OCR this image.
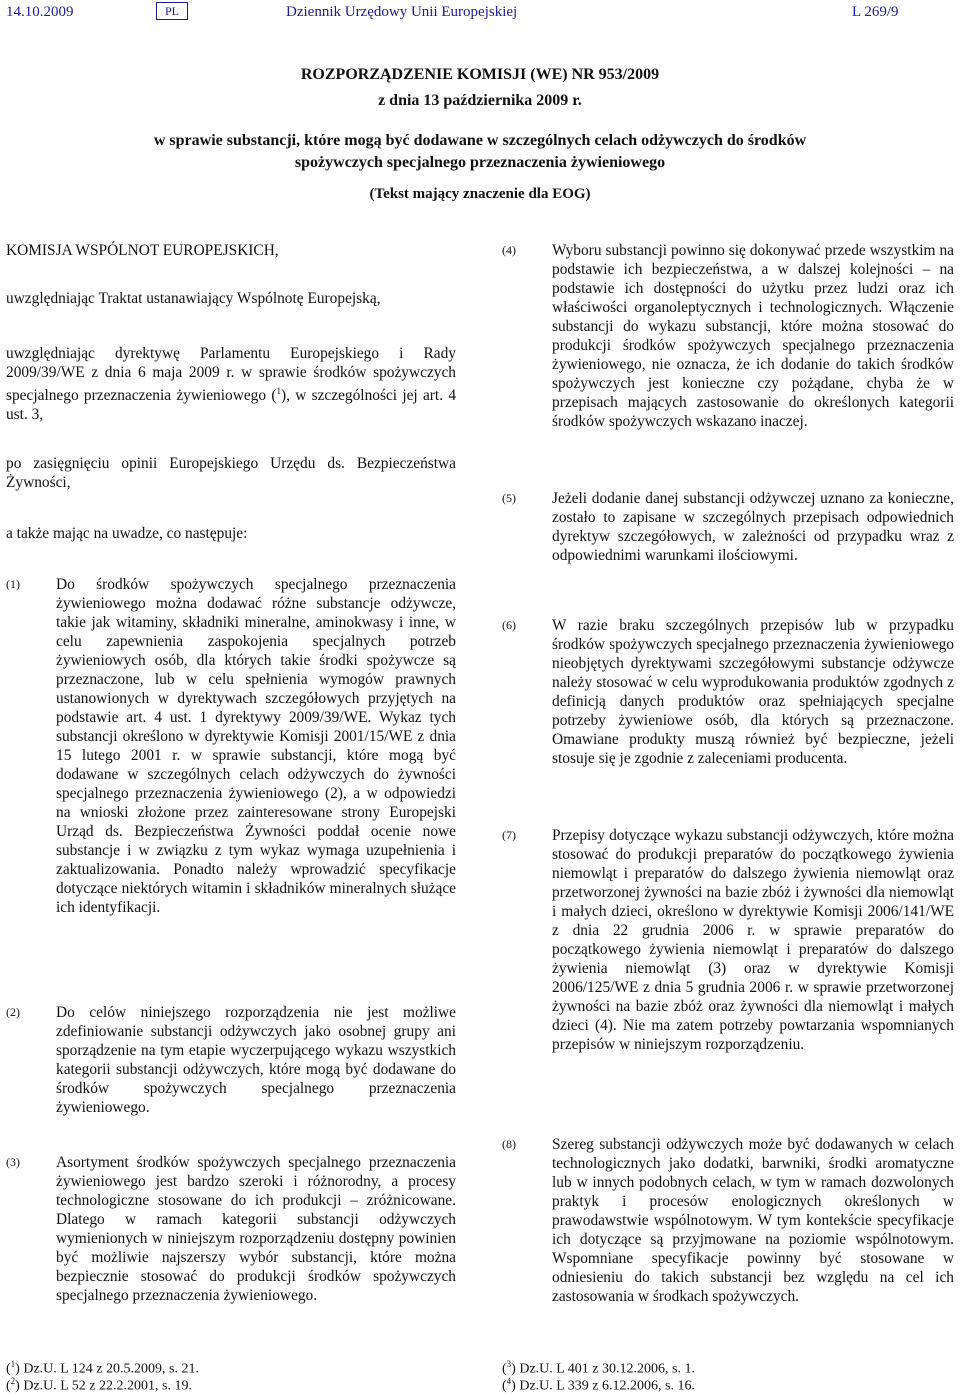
14.10.2009	PL	Dziennik Urzędowy Unii Europejskiej	L 269/9
ROZPORZĄDZENIE KOMISJI (WE) NR 953/2009
z dnia 13 października 2009 r.
w sprawie substancji, które mogą być dodawane w szczególnych celach odżywczych do środków
spożywczych specjalnego przeznaczenia żywieniowego
(Tekst mający znaczenie dla EOG)

KOMISJA WSPÓLNOT EUROPEJSKICH,

uwzględniając Traktat ustanawiający Wspólnotę Europejską,

uwzględniając dyrektywę Parlamentu Europejskiego i Rady 2009/39/WE z dnia 6 maja 2009 r. w sprawie środków spożywczych specjalnego przeznaczenia żywieniowego ($^1$), w szczególności jej art. 4 ust. 3,

po zasięgnięciu opinii Europejskiego Urzędu ds. Bezpieczeństwa Żywności,

a także mając na uwadze, co następuje:

(1) Do środków spożywczych specjalnego przeznaczenia żywieniowego można dodawać różne substancje odżywcze, takie jak witaminy, składniki mineralne, aminokwasy i inne, w celu zapewnienia zaspokojenia specjalnych potrzeb żywieniowych osób, dla których takie środki spożywcze są przeznaczone, lub w celu spełnienia wymogów prawnych ustanowionych w dyrektywach szczegółowych przyjętych na podstawie art. 4 ust. 1 dyrektywy 2009/39/WE. Wykaz tych substancji określono w dyrektywie Komisji 2001/15/WE z dnia 15 lutego 2001 r. w sprawie substancji, które mogą być dodawane w szczególnych celach odżywczych do żywności specjalnego przeznaczenia żywieniowego (2), a w odpowiedzi na wnioski złożone przez zainteresowane strony Europejski Urząd ds. Bezpieczeństwa Żywności poddał ocenie nowe substancje i w związku z tym wykaz wymaga uzupełnienia i zaktualizowania. Ponadto należy wprowadzić specyfikacje dotyczące niektórych witamin i składników mineralnych służące ich identyfikacji.
(2) Do celów niniejszego rozporządzenia nie jest możliwe zdefiniowanie substancji odżywczych jako osobnej grupy ani sporządzenie na tym etapie wyczerpującego wykazu wszystkich kategorii substancji odżywczych, które mogą być dodawane do środków spożywczych specjalnego przeznaczenia żywieniowego.
(3) Asortyment środków spożywczych specjalnego przeznaczenia żywieniowego jest bardzo szeroki i różnorodny, a procesy technologiczne stosowane do ich produkcji – zróżnicowane. Dlatego w ramach kategorii substancji odżywczych wymienionych w niniejszym rozporządzeniu dostępny powinien być możliwie najszerszy wybór substancji, które można bezpiecznie stosować do produkcji środków spożywczych specjalnego przeznaczenia żywieniowego.
(4) Wyboru substancji powinno się dokonywać przede wszystkim na podstawie ich bezpieczeństwa, a w dalszej kolejności – na podstawie ich dostępności do użytku przez ludzi oraz ich właściwości organoleptycznych i technologicznych. Włączenie substancji do wykazu substancji, które można stosować do produkcji środków spożywczych specjalnego przeznaczenia żywieniowego, nie oznacza, że ich dodanie do takich środków spożywczych jest konieczne czy pożądane, chyba że w przepisach mających zastosowanie do określonych kategorii środków spożywczych wskazano inaczej.
(5) Jeżeli dodanie danej substancji odżywczej uznano za konieczne, zostało to zapisane w szczególnych przepisach odpowiednich dyrektyw szczegółowych, w zależności od przypadku wraz z odpowiednimi warunkami ilościowymi.
(6) W razie braku szczególnych przepisów lub w przypadku środków spożywczych specjalnego przeznaczenia żywieniowego nieobjętych dyrektywami szczegółowymi substancje odżywcze należy stosować w celu wyprodukowania produktów zgodnych z definicją danych produktów oraz spełniających specjalne potrzeby żywieniowe osób, dla których są przeznaczone. Omawiane produkty muszą również być bezpieczne, jeżeli stosuje się je zgodnie z zaleceniami producenta.
(7) Przepisy dotyczące wykazu substancji odżywczych, które można stosować do produkcji preparatów do początkowego żywienia niemowląt i preparatów do dalszego żywienia niemowląt oraz przetworzonej żywności na bazie zbóż i żywności dla niemowląt i małych dzieci, określono w dyrektywie Komisji 2006/141/WE z dnia 22 grudnia 2006 r. w sprawie preparatów do początkowego żywienia niemowląt i preparatów do dalszego żywienia niemowląt (3) oraz w dyrektywie Komisji 2006/125/WE z dnia 5 grudnia 2006 r. w sprawie przetworzonej żywności na bazie zbóż oraz żywności dla niemowląt i małych dzieci (4). Nie ma zatem potrzeby powtarzania wspomnianych przepisów w niniejszym rozporządzeniu.
(8) Szereg substancji odżywczych może być dodawanych w celach technologicznych jako dodatki, barwniki, środki aromatyczne lub w innych podobnych celach, w tym w ramach dozwolonych praktyk i procesów enologicznych określonych w prawodawstwie wspólnotowym. W tym kontekście specyfikacje ich dotyczące są przyjmowane na poziomie wspólnotowym. Wspomniane specyfikacje powinny być stosowane w odniesieniu do takich substancji bez względu na cel ich zastosowania w środkach spożywczych.
($^1$) Dz.U. L 124 z 20.5.2009, s. 21.
($^2$) Dz.U. L 52 z 22.2.2001, s. 19.
($^3$) Dz.U. L 401 z 30.12.2006, s. 1.
($^4$) Dz.U. L 339 z 6.12.2006, s. 16.
